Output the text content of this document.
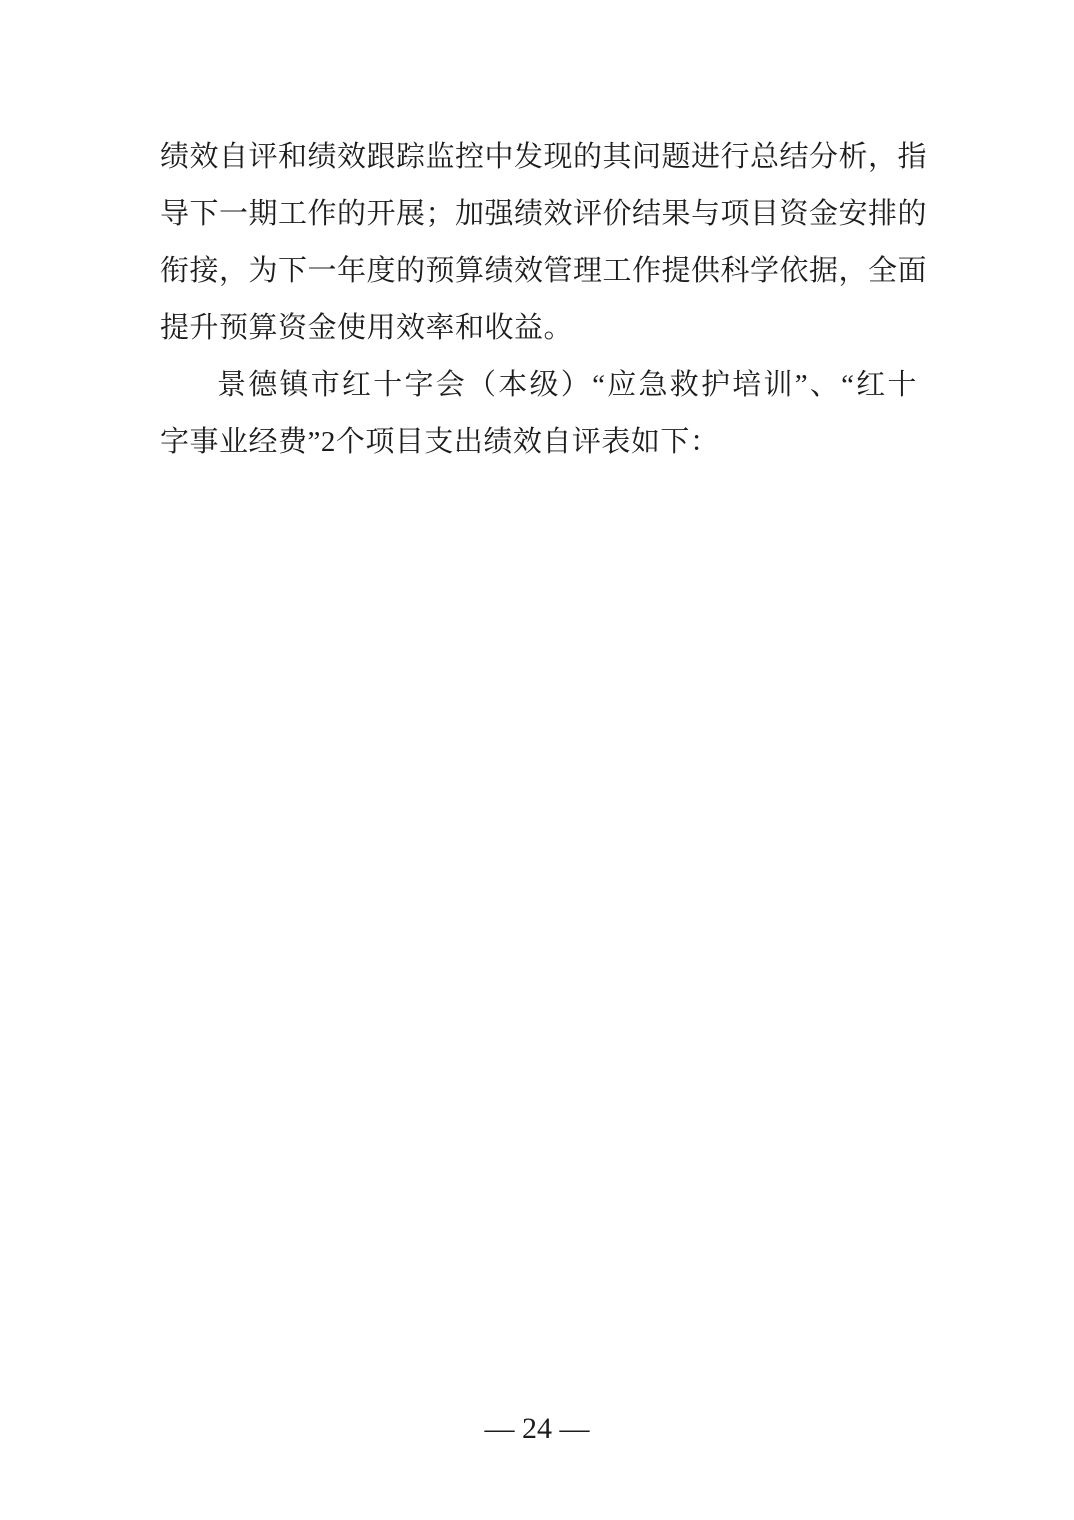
绩效自评和绩效跟踪监控中发现的其问题进行总结分析，指
导下一期工作的开展；加强绩效评价结果与项目资金安排的
衔接，为下一年度的预算绩效管理工作提供科学依据，全面
提升预算资金使用效率和收益。
景德镇市红十字会（本级）“应急救护培训”、“红十
字事业经费”2个项目支出绩效自评表如下：
— 24 —
